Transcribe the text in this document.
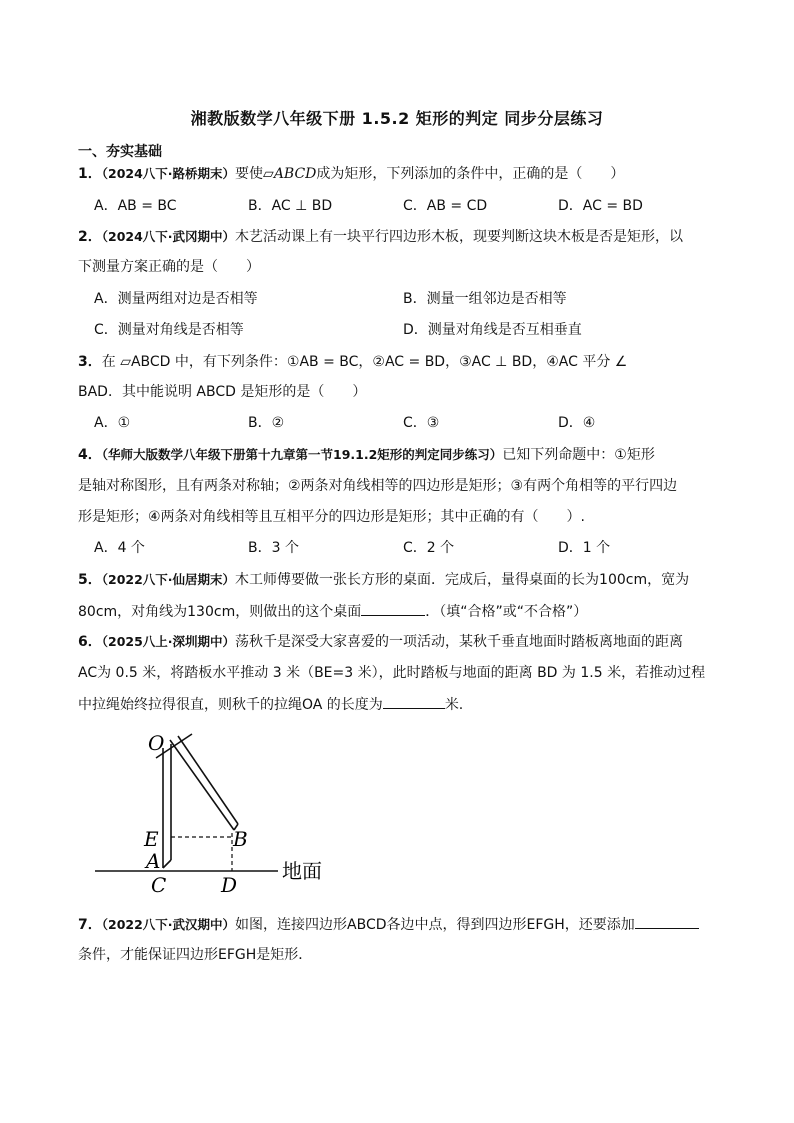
湘教版数学八年级下册 1.5.2 矩形的判定 同步分层练习
一、夯实基础
1．（2024八下·路桥期末）要使▱ABCD成为矩形，下列添加的条件中，正确的是（　　）
A．AB = BC	B．AC ⊥ BD	C．AB = CD	D．AC = BD
2．（2024八下·武冈期中）木艺活动课上有一块平行四边形木板，现要判断这块木板是否是矩形，以
下测量方案正确的是（　　）
A．测量两组对边是否相等	B．测量一组邻边是否相等
C．测量对角线是否相等	D．测量对角线是否互相垂直
3．在 ▱ABCD 中，有下列条件：①AB = BC，②AC = BD，③AC ⊥ BD，④AC 平分 ∠
BAD．其中能说明 ABCD 是矩形的是（　　）
A．①	B．②	C．③	D．④
4．（华师大版数学八年级下册第十九章第一节19.1.2矩形的判定同步练习）已知下列命题中：①矩形
是轴对称图形，且有两条对称轴；②两条对角线相等的四边形是矩形；③有两个角相等的平行四边
形是矩形；④两条对角线相等且互相平分的四边形是矩形；其中正确的有（　　）.
A．4 个	B．3 个	C．2 个	D．1 个
5．（2022八下·仙居期末）木工师傅要做一张长方形的桌面．完成后，量得桌面的长为100cm，宽为
80cm，对角线为130cm，则做出的这个桌面	．（填“合格”或“不合格”）
6．（2025八上·深圳期中）荡秋千是深受大家喜爱的一项活动，某秋千垂直地面时踏板离地面的距离
AC为 0.5 米，将踏板水平推动 3 米（BE=3 米），此时踏板与地面的距离 BD 为 1.5 米，若推动过程
中拉绳始终拉得很直，则秋千的拉绳OA 的长度为	米.
O
E
A
C
B
D
地面
7．（2022八下·武汉期中）如图，连接四边形ABCD各边中点，得到四边形EFGH，还要添加
条件，才能保证四边形EFGH是矩形．
